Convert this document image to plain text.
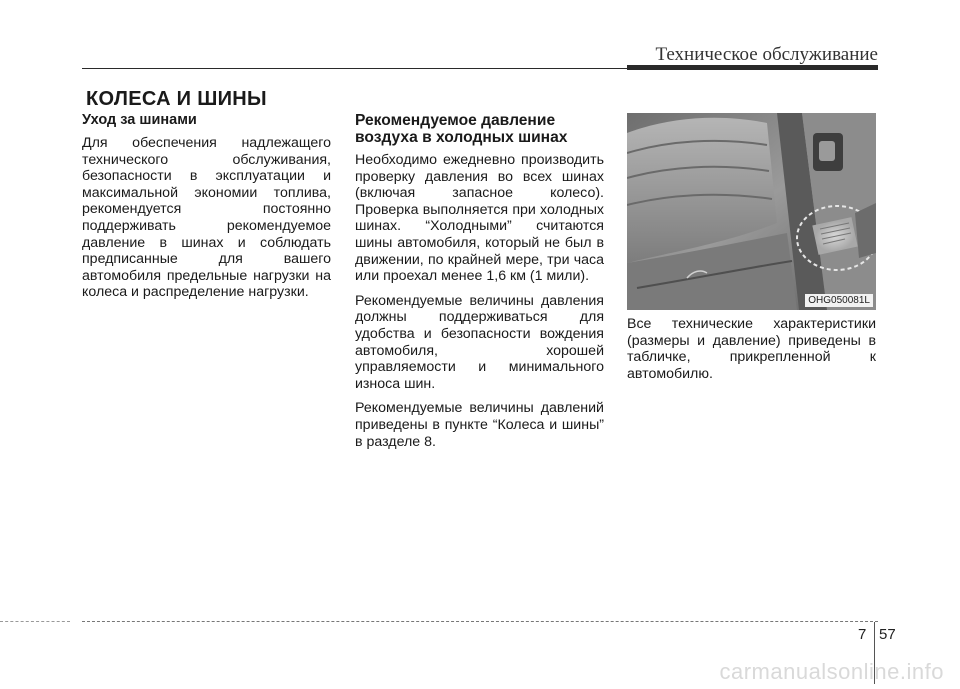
Техническое обслуживание
КОЛЕСА И ШИНЫ
Уход за шинами

Для обеспечения надлежащего технического обслуживания, безопасности в эксплуатации и максимальной экономии топлива, рекомендуется постоянно поддерживать рекомендуемое давление в шинах и соблюдать предписанные для вашего автомобиля предельные нагрузки на колеса и распределение нагрузки.

Рекомендуемое давление воздуха в холодных шинах

Необходимо ежедневно производить проверку давления во всех шинах (включая запасное колесо). Проверка выполняется при холодных шинах. “Холодными” считаются шины автомобиля, который не был в движении, по крайней мере, три часа или проехал менее 1,6 км (1 мили).

Рекомендуемые величины давления должны поддерживаться для удобства и безопасности вождения автомобиля, хорошей управляемости и минимального износа шин.

Рекомендуемые величины давлений приведены в пункте “Колеса и шины” в разделе 8.

OHG050081L

Все технические характеристики (размеры и давление) приведены в табличке, прикрепленной к автомобилю.

7 57
carmanualsonline.info
